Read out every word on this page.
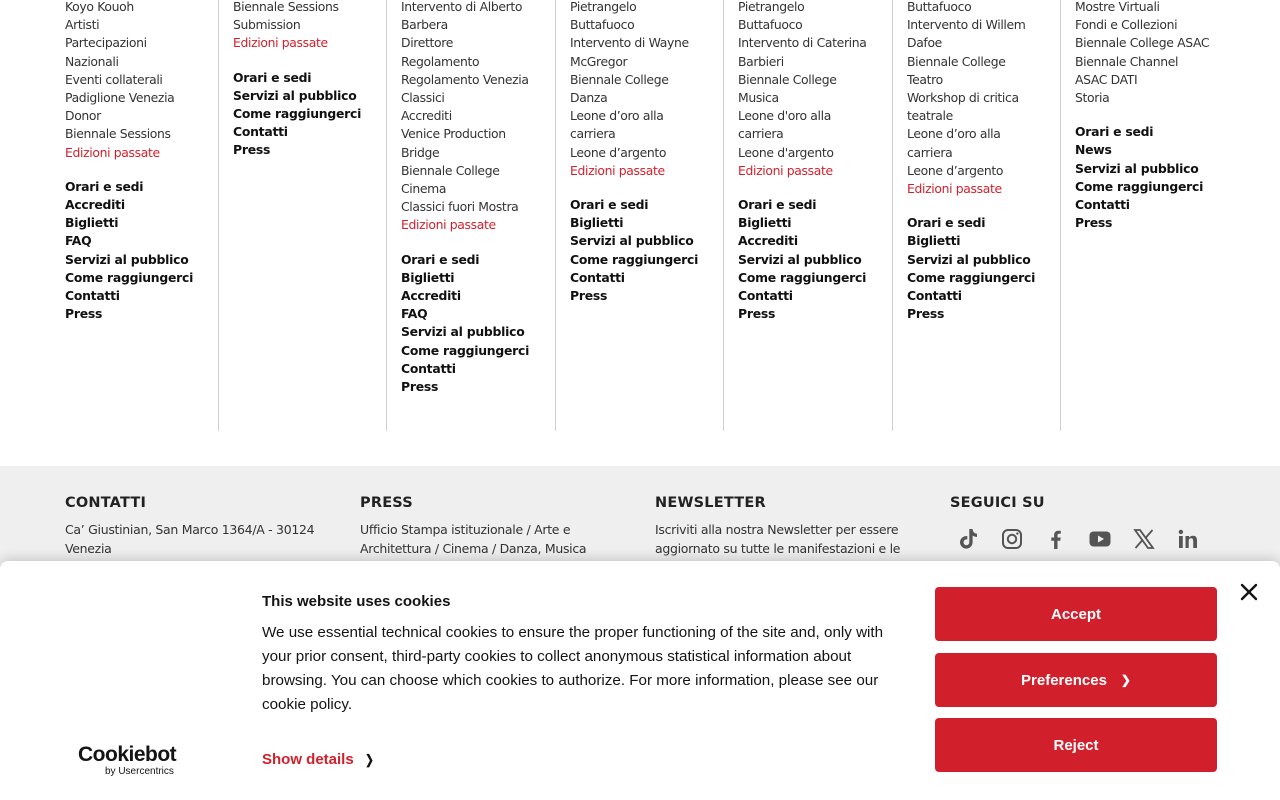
Koyo Kouoh
Artisti
Partecipazioni
Nazionali
Eventi collaterali
Padiglione Venezia
Donor
Biennale Sessions
Edizioni passate
Orari e sedi
Accrediti
Biglietti
FAQ
Servizi al pubblico
Come raggiungerci
Contatti
Press
Biennale Sessions
Submission
Edizioni passate
Orari e sedi
Servizi al pubblico
Come raggiungerci
Contatti
Press
Intervento di Alberto
Barbera
Direttore
Regolamento
Regolamento Venezia
Classici
Accrediti
Venice Production
Bridge
Biennale College
Cinema
Classici fuori Mostra
Edizioni passate
Orari e sedi
Biglietti
Accrediti
FAQ
Servizi al pubblico
Come raggiungerci
Contatti
Press
Pietrangelo
Buttafuoco
Intervento di Wayne
McGregor
Biennale College
Danza
Leone d’oro alla
carriera
Leone d’argento
Edizioni passate
Orari e sedi
Biglietti
Servizi al pubblico
Come raggiungerci
Contatti
Press
Pietrangelo
Buttafuoco
Intervento di Caterina
Barbieri
Biennale College
Musica
Leone d'oro alla
carriera
Leone d'argento
Edizioni passate
Orari e sedi
Biglietti
Accrediti
Servizi al pubblico
Come raggiungerci
Contatti
Press
Buttafuoco
Intervento di Willem
Dafoe
Biennale College
Teatro
Workshop di critica
teatrale
Leone d’oro alla
carriera
Leone d’argento
Edizioni passate
Orari e sedi
Biglietti
Servizi al pubblico
Come raggiungerci
Contatti
Press
Mostre Virtuali
Fondi e Collezioni
Biennale College ASAC
Biennale Channel
ASAC DATI
Storia
Orari e sedi
News
Servizi al pubblico
Come raggiungerci
Contatti
Press
CONTATTI
Ca’ Giustinian, San Marco 1364/A - 30124 Venezia
PRESS
Ufficio Stampa istituzionale / Arte e Architettura / Cinema / Danza, Musica
NEWSLETTER
Iscriviti alla nostra Newsletter per essere aggiornato su tutte le manifestazioni e le
SEGUICI SU
This website uses cookies
We use essential technical cookies to ensure the proper functioning of the site and, only with your prior consent, third-party cookies to collect anonymous statistical information about browsing. You can choose which cookies to authorize. For more information, please see our cookie policy.
Show details ❯
Cookiebot
by Usercentrics
Accept
Preferences ❯
Reject
